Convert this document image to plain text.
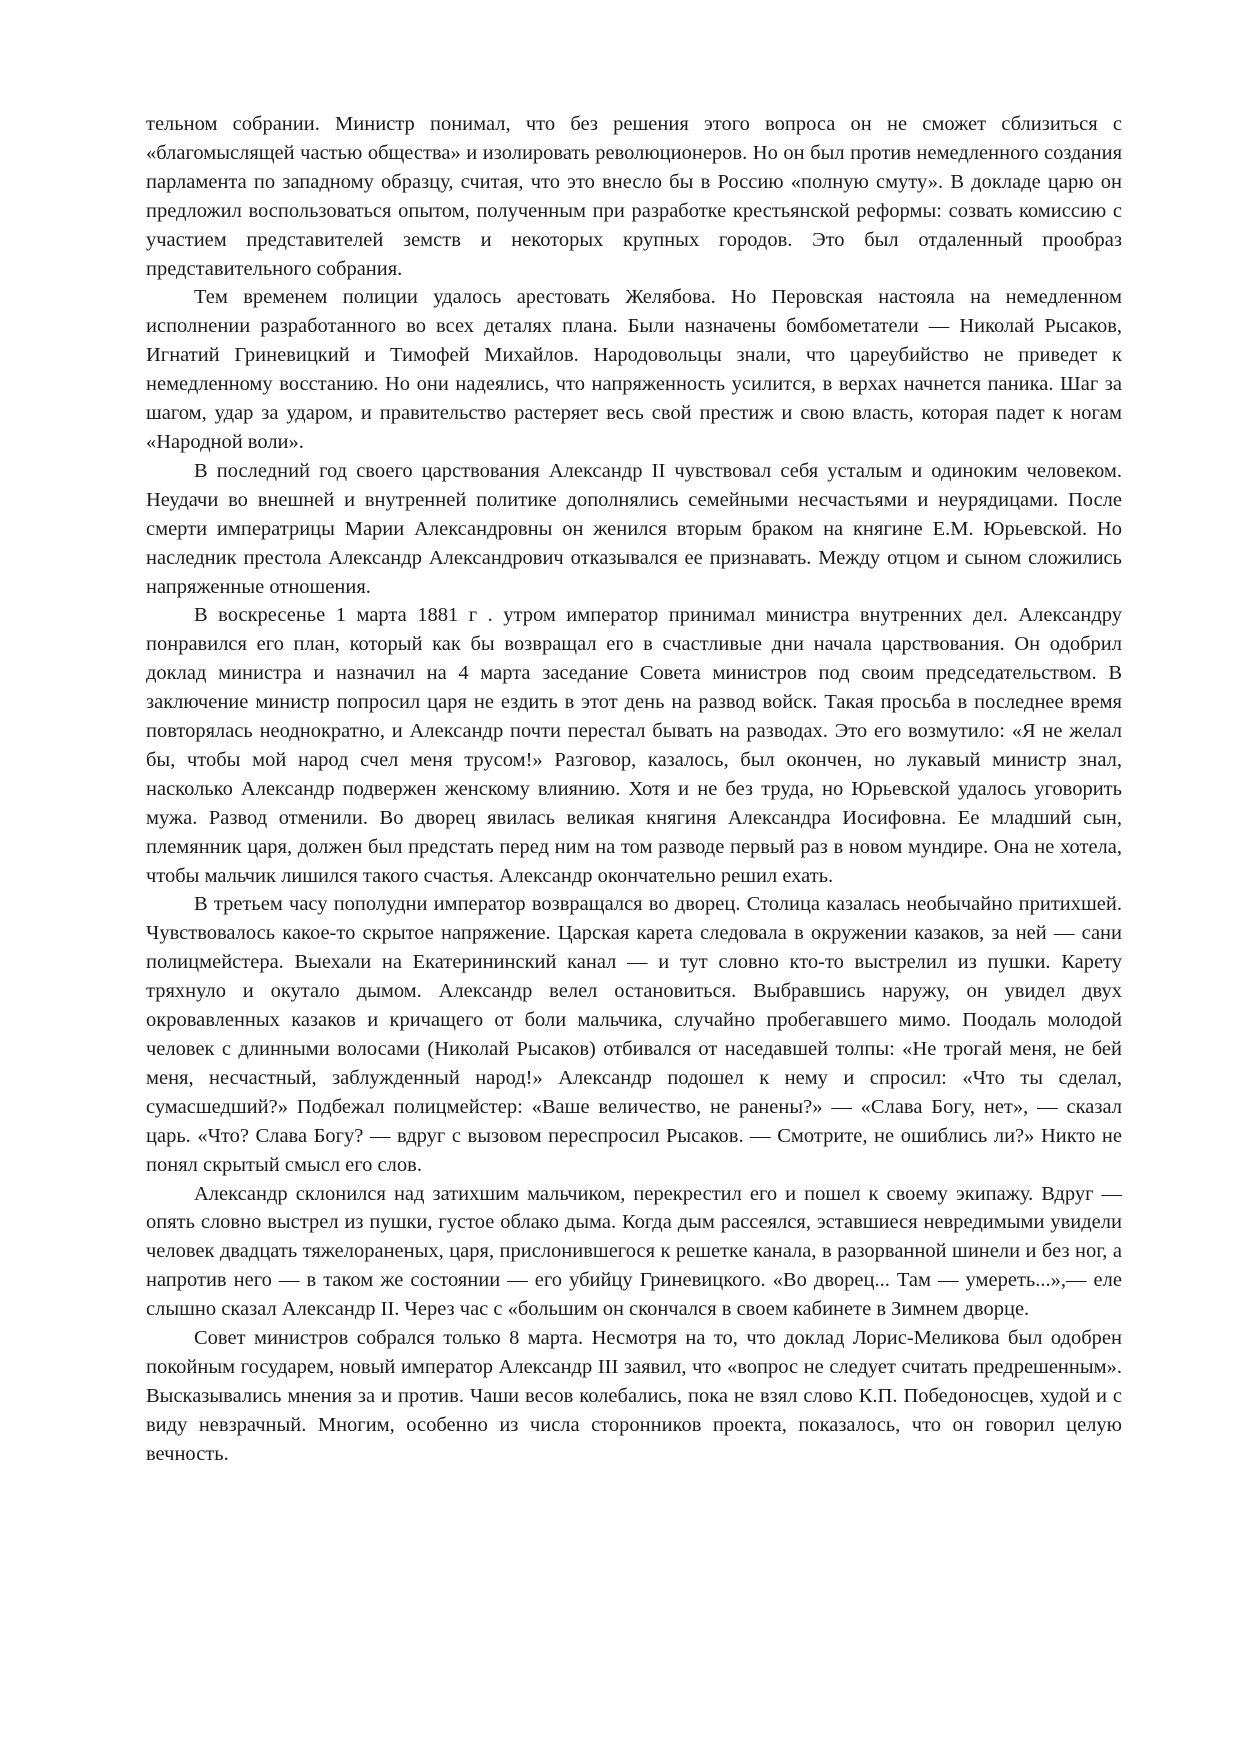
тельном собрании. Министр понимал, что без решения этого вопроса он не сможет сблизиться с «благомыслящей частью общества» и изолировать революционеров. Но он был против немедленного создания парламента по западному образцу, считая, что это внесло бы в Россию «полную смуту». В докладе царю он предложил воспользоваться опытом, полученным при разработке крестьянской реформы: созвать комиссию с участием представителей земств и некоторых крупных городов. Это был отдаленный прообраз представительного собрания.

Тем временем полиции удалось арестовать Желябова. Но Перовская настояла на немедленном исполнении разработанного во всех деталях плана. Были назначены бомбометатели — Николай Рысаков, Игнатий Гриневицкий и Тимофей Михайлов. Народовольцы знали, что цареубийство не приведет к немедленному восстанию. Но они надеялись, что напряженность усилится, в верхах начнется паника. Шаг за шагом, удар за ударом, и правительство растеряет весь свой престиж и свою власть, которая падет к ногам «Народной воли».

В последний год своего царствования Александр II чувствовал себя усталым и одиноким человеком. Неудачи во внешней и внутренней политике дополнялись семейными несчастьями и неурядицами. После смерти императрицы Марии Александровны он женился вторым браком на княгине Е.М. Юрьевской. Но наследник престола Александр Александрович отказывался ее признавать. Между отцом и сыном сложились напряженные отношения.

В воскресенье 1 марта 1881 г . утром император принимал министра внутренних дел. Александру понравился его план, который как бы возвращал его в счастливые дни начала царствования. Он одобрил доклад министра и назначил на 4 марта заседание Совета министров под своим председательством. В заключение министр попросил царя не ездить в этот день на развод войск. Такая просьба в последнее время повторялась неоднократно, и Александр почти перестал бывать на разводах. Это его возмутило: «Я не желал бы, чтобы мой народ счел меня трусом!» Разговор, казалось, был окончен, но лукавый министр знал, насколько Александр подвержен женскому влиянию. Хотя и не без труда, но Юрьевской удалось уговорить мужа. Развод отменили. Во дворец явилась великая княгиня Александра Иосифовна. Ее младший сын, племянник царя, должен был предстать перед ним на том разводе первый раз в новом мундире. Она не хотела, чтобы мальчик лишился такого счастья. Александр окончательно решил ехать.

В третьем часу пополудни император возвращался во дворец. Столица казалась необычайно притихшей. Чувствовалось какое-то скрытое напряжение. Царская карета следовала в окружении казаков, за ней — сани полицмейстера. Выехали на Екатерининский канал — и тут словно кто-то выстрелил из пушки. Карету тряхнуло и окутало дымом. Александр велел остановиться. Выбравшись наружу, он увидел двух окровавленных казаков и кричащего от боли мальчика, случайно пробегавшего мимо. Поодаль молодой человек с длинными волосами (Николай Рысаков) отбивался от наседавшей толпы: «Не трогай меня, не бей меня, несчастный, заблужденный народ!» Александр подошел к нему и спросил: «Что ты сделал, сумасшедший?» Подбежал полицмейстер: «Ваше величество, не ранены?» — «Слава Богу, нет», — сказал царь. «Что? Слава Богу? — вдруг с вызовом переспросил Рысаков. — Смотрите, не ошиблись ли?» Никто не понял скрытый смысл его слов.

Александр склонился над затихшим мальчиком, перекрестил его и пошел к своему экипажу. Вдруг — опять словно выстрел из пушки, густое облако дыма. Когда дым рассеялся, эставшиеся невредимыми увидели человек двадцать тяжелораненых, царя, прислонившегося к решетке канала, в разорванной шинели и без ног, а напротив него — в таком же состоянии — его убийцу Гриневицкого. «Во дворец... Там — умереть...»,— еле слышно сказал Александр II. Через час с «большим он скончался в своем кабинете в Зимнем дворце.

Совет министров собрался только 8 марта. Несмотря на то, что доклад Лорис-Меликова был одобрен покойным государем, новый император Александр III заявил, что «вопрос не следует считать предрешенным». Высказывались мнения за и против. Чаши весов колебались, пока не взял слово К.П. Победоносцев, худой и с виду невзрачный. Многим, особенно из числа сторонников проекта, показалось, что он говорил целую вечность.
